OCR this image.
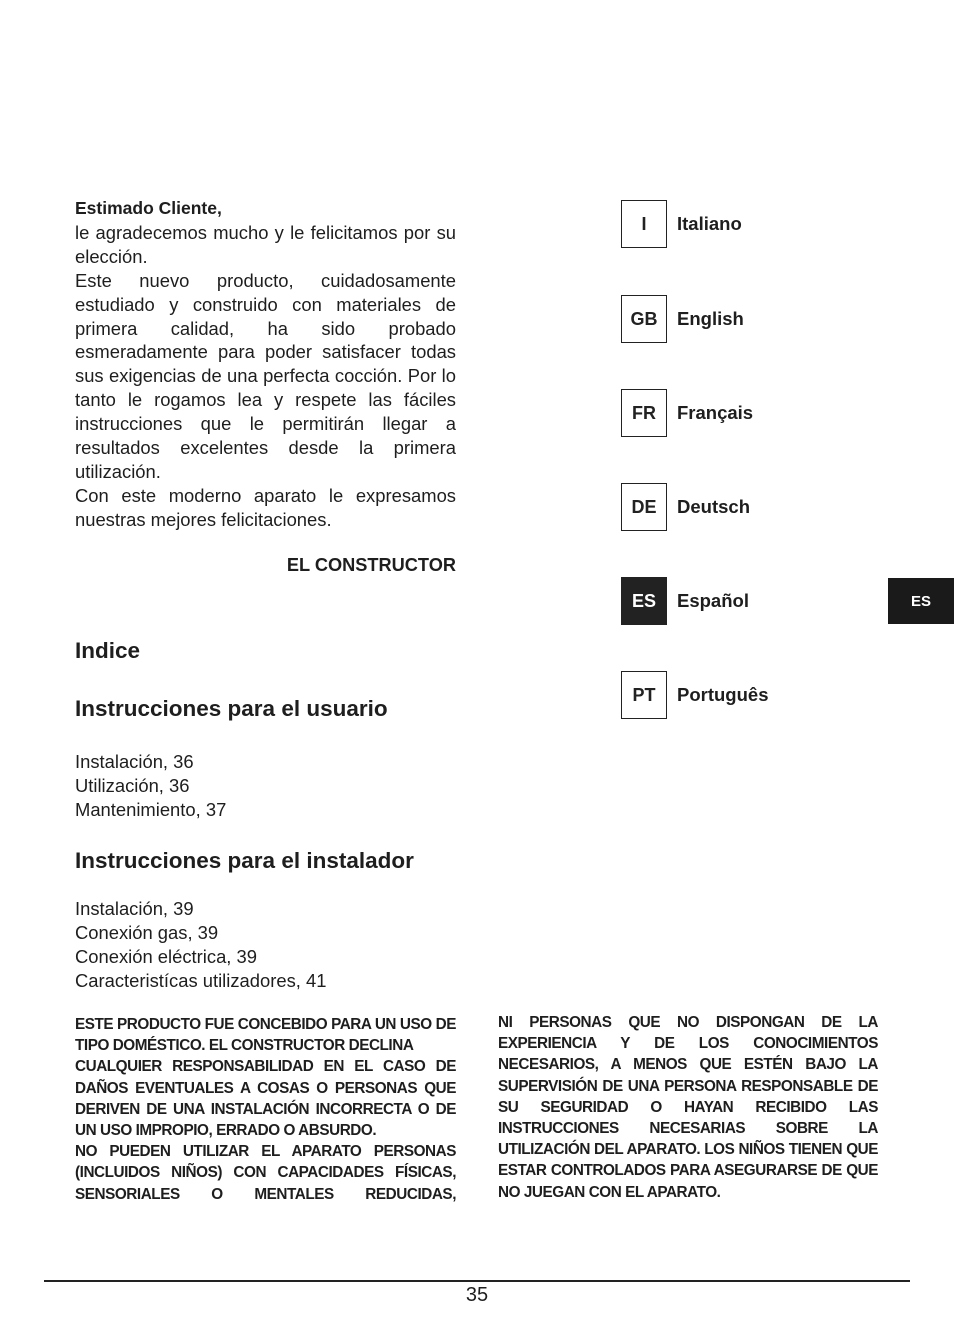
Estimado Cliente,

le agradecemos mucho y le felicitamos por su elección.

Este nuevo producto, cuidadosamente estudiado y construido con materiales de primera calidad, ha sido probado esmeradamente para poder satisfacer todas sus exigencias de una perfecta cocción. Por lo tanto le rogamos lea y respete las fáciles instrucciones que le permitirán llegar a resultados excelentes desde la primera utilización.

Con este moderno aparato le expresamos nuestras mejores felicitaciones.

EL CONSTRUCTOR
Indice
Instrucciones para el usuario
Instalación, 36
Utilización, 36
Mantenimiento, 37
Instrucciones para el instalador
Instalación, 39
Conexión gas, 39
Conexión eléctrica, 39
Caracteristícas utilizadores, 41
I	Italiano
GB	English
FR	Français
DE	Deutsch
ES	Español
PT	Português
ES

ESTE PRODUCTO FUE CONCEBIDO PARA UN USO DE TIPO DOMÉSTICO. EL CONSTRUCTOR DECLINA

CUALQUIER RESPONSABILIDAD EN EL CASO DE DAÑOS EVENTUALES A COSAS O PERSONAS QUE DERIVEN DE UNA INSTALACIÓN INCORRECTA O DE UN USO IMPROPIO, ERRADO O ABSURDO.

NO PUEDEN UTILIZAR EL APARATO PERSONAS (INCLUIDOS NIÑOS) CON CAPACIDADES FÍSICAS, SENSORIALES O MENTALES REDUCIDAS,

NI PERSONAS QUE NO DISPONGAN DE LA EXPERIENCIA Y DE LOS CONOCIMIENTOS NECESARIOS, A MENOS QUE ESTÉN BAJO LA SUPERVISIÓN DE UNA PERSONA RESPONSABLE DE SU SEGURIDAD O HAYAN RECIBIDO LAS INSTRUCCIONES NECESARIAS SOBRE LA UTILIZACIÓN DEL APARATO. LOS NIÑOS TIENEN QUE ESTAR CONTROLADOS PARA ASEGURARSE DE QUE NO JUEGAN CON EL APARATO.

35
